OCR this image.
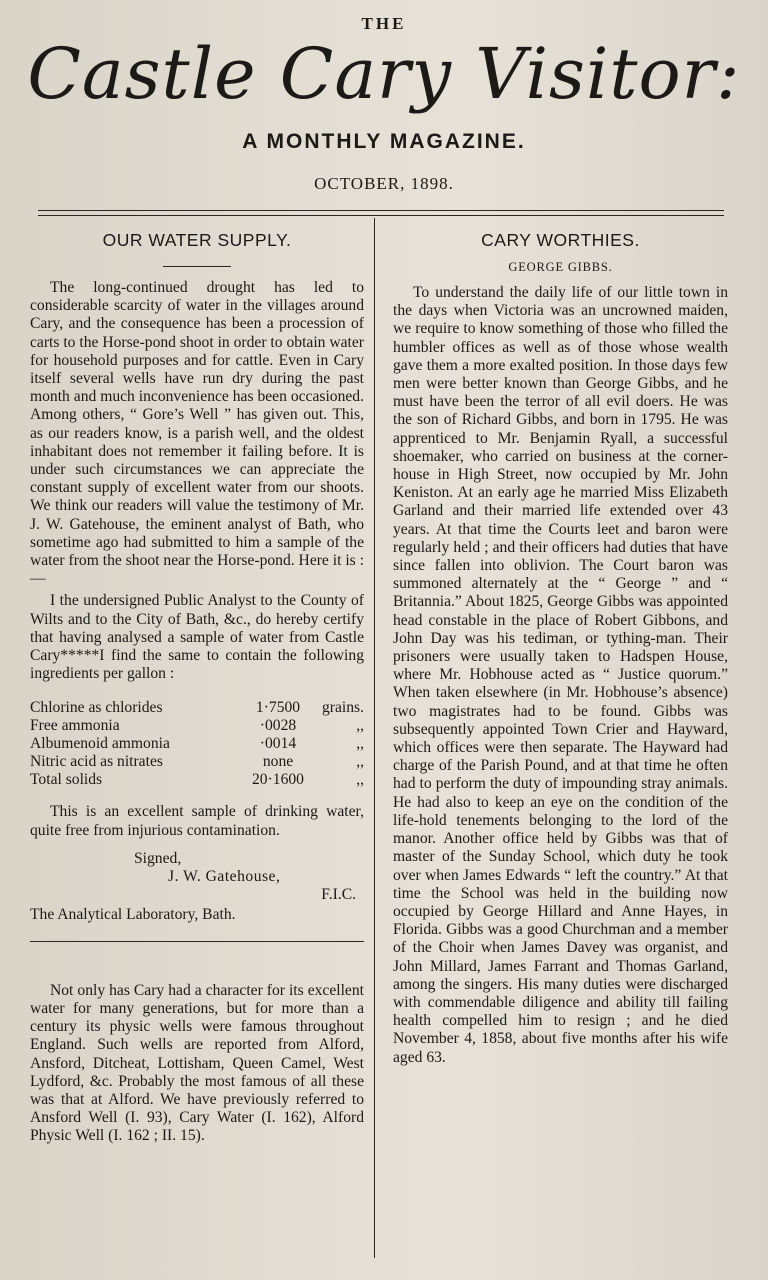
THE
Castle Cary Visitor:
A MONTHLY MAGAZINE.
OCTOBER, 1898.
OUR WATER SUPPLY.

The long-continued drought has led to considerable scarcity of water in the villages around Cary, and the consequence has been a procession of carts to the Horse-pond shoot in order to obtain water for household purposes and for cattle. Even in Cary itself several wells have run dry during the past month and much inconvenience has been occasioned. Among others, “ Gore’s Well ” has given out. This, as our readers know, is a parish well, and the oldest inhabitant does not remember it failing before. It is under such circumstances we can appreciate the constant supply of excellent water from our shoots. We think our readers will value the testimony of Mr. J. W. Gatehouse, the eminent analyst of Bath, who sometime ago had submitted to him a sample of the water from the shoot near the Horse-pond. Here it is :—

I the undersigned Public Analyst to the County of Wilts and to the City of Bath, &c., do hereby certify that having analysed a sample of water from Castle Cary*****I find the same to contain the following ingredients per gallon :

Chlorine as chlorides	1·7500	grains.
Free ammonia	·0028	,,
Albumenoid ammonia	·0014	,,
Nitric acid as nitrates	none	,,
Total solids	20·1600	,,

This is an excellent sample of drinking water, quite free from injurious contamination.

Signed,
J. W. Gatehouse,
F.I.C.
The Analytical Laboratory, Bath.

Not only has Cary had a character for its excellent water for many generations, but for more than a century its physic wells were famous throughout England. Such wells are reported from Alford, Ansford, Ditcheat, Lottisham, Queen Camel, West Lydford, &c. Probably the most famous of all these was that at Alford. We have previously referred to Ansford Well (I. 93), Cary Water (I. 162), Alford Physic Well (I. 162 ; II. 15).

CARY WORTHIES.
GEORGE GIBBS.

To understand the daily life of our little town in the days when Victoria was an uncrowned maiden, we require to know something of those who filled the humbler offices as well as of those whose wealth gave them a more exalted position. In those days few men were better known than George Gibbs, and he must have been the terror of all evil doers. He was the son of Richard Gibbs, and born in 1795. He was apprenticed to Mr. Benjamin Ryall, a successful shoemaker, who carried on business at the corner-house in High Street, now occupied by Mr. John Keniston. At an early age he married Miss Elizabeth Garland and their married life extended over 43 years. At that time the Courts leet and baron were regularly held ; and their officers had duties that have since fallen into oblivion. The Court baron was summoned alternately at the “ George ” and “ Britannia.” About 1825, George Gibbs was appointed head constable in the place of Robert Gibbons, and John Day was his tediman, or tything-man. Their prisoners were usually taken to Hadspen House, where Mr. Hobhouse acted as “ Justice quorum.” When taken elsewhere (in Mr. Hobhouse’s absence) two magistrates had to be found. Gibbs was subsequently appointed Town Crier and Hayward, which offices were then separate. The Hayward had charge of the Parish Pound, and at that time he often had to perform the duty of impounding stray animals. He had also to keep an eye on the condition of the life-hold tenements belonging to the lord of the manor. Another office held by Gibbs was that of master of the Sunday School, which duty he took over when James Edwards “ left the country.” At that time the School was held in the building now occupied by George Hillard and Anne Hayes, in Florida. Gibbs was a good Churchman and a member of the Choir when James Davey was organist, and John Millard, James Farrant and Thomas Garland, among the singers. His many duties were discharged with commendable diligence and ability till failing health compelled him to resign ; and he died November 4, 1858, about five months after his wife aged 63.
